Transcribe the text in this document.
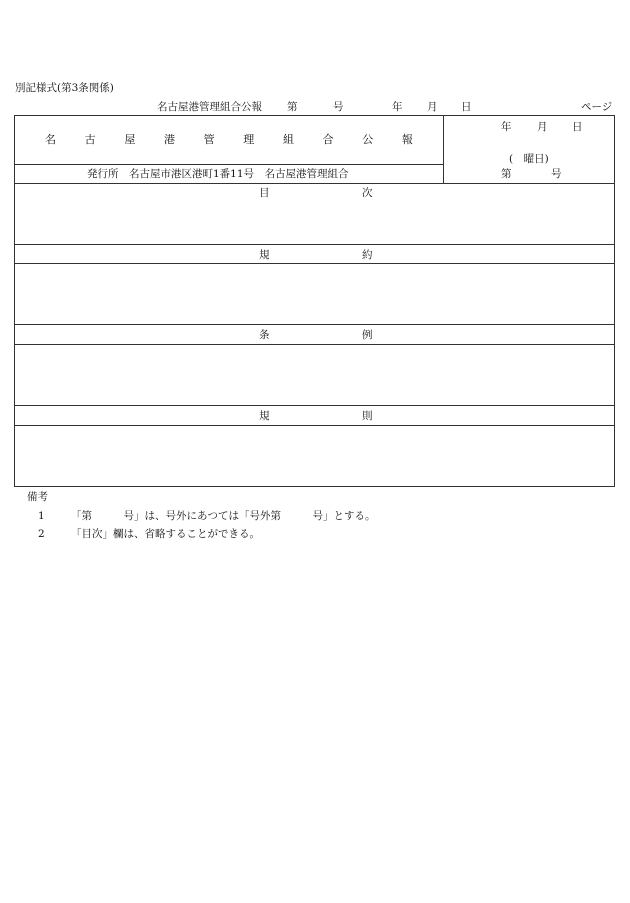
別記様式(第3条関係)
名古屋港管理組合公報 第	号	年 月 日	ページ
名	古	屋	港	管	理	組	合	公	報
発行所　名古屋市港区港町1番11号　名古屋港管理組合
年 月 日
(　曜日)
第	号
目	次
規	約
条	例
規	則
備考
1	「第　　　号」は、号外にあつては「号外第　　　号」とする。
2	「目次」欄は、省略することができる。
